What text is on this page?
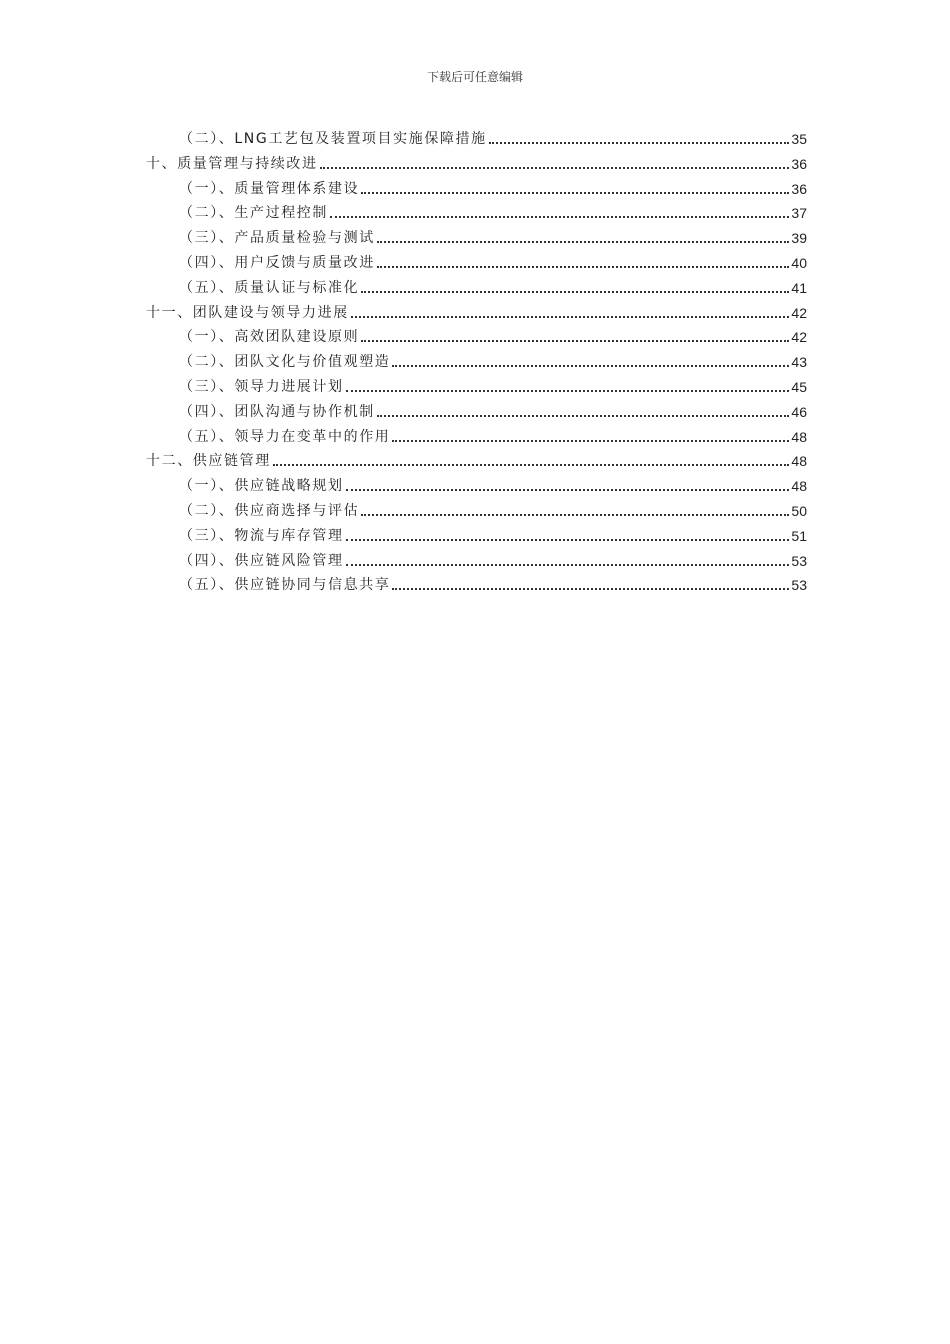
下载后可任意编辑
（二）、LNG工艺包及装置项目实施保障措施	35
十、质量管理与持续改进	36
（一）、质量管理体系建设	36
（二）、生产过程控制	37
（三）、产品质量检验与测试	39
（四）、用户反馈与质量改进	40
（五）、质量认证与标准化	41
十一、团队建设与领导力进展	42
（一）、高效团队建设原则	42
（二）、团队文化与价值观塑造	43
（三）、领导力进展计划	45
（四）、团队沟通与协作机制	46
（五）、领导力在变革中的作用	48
十二、供应链管理	48
（一）、供应链战略规划	48
（二）、供应商选择与评估	50
（三）、物流与库存管理	51
（四）、供应链风险管理	53
（五）、供应链协同与信息共享	53
